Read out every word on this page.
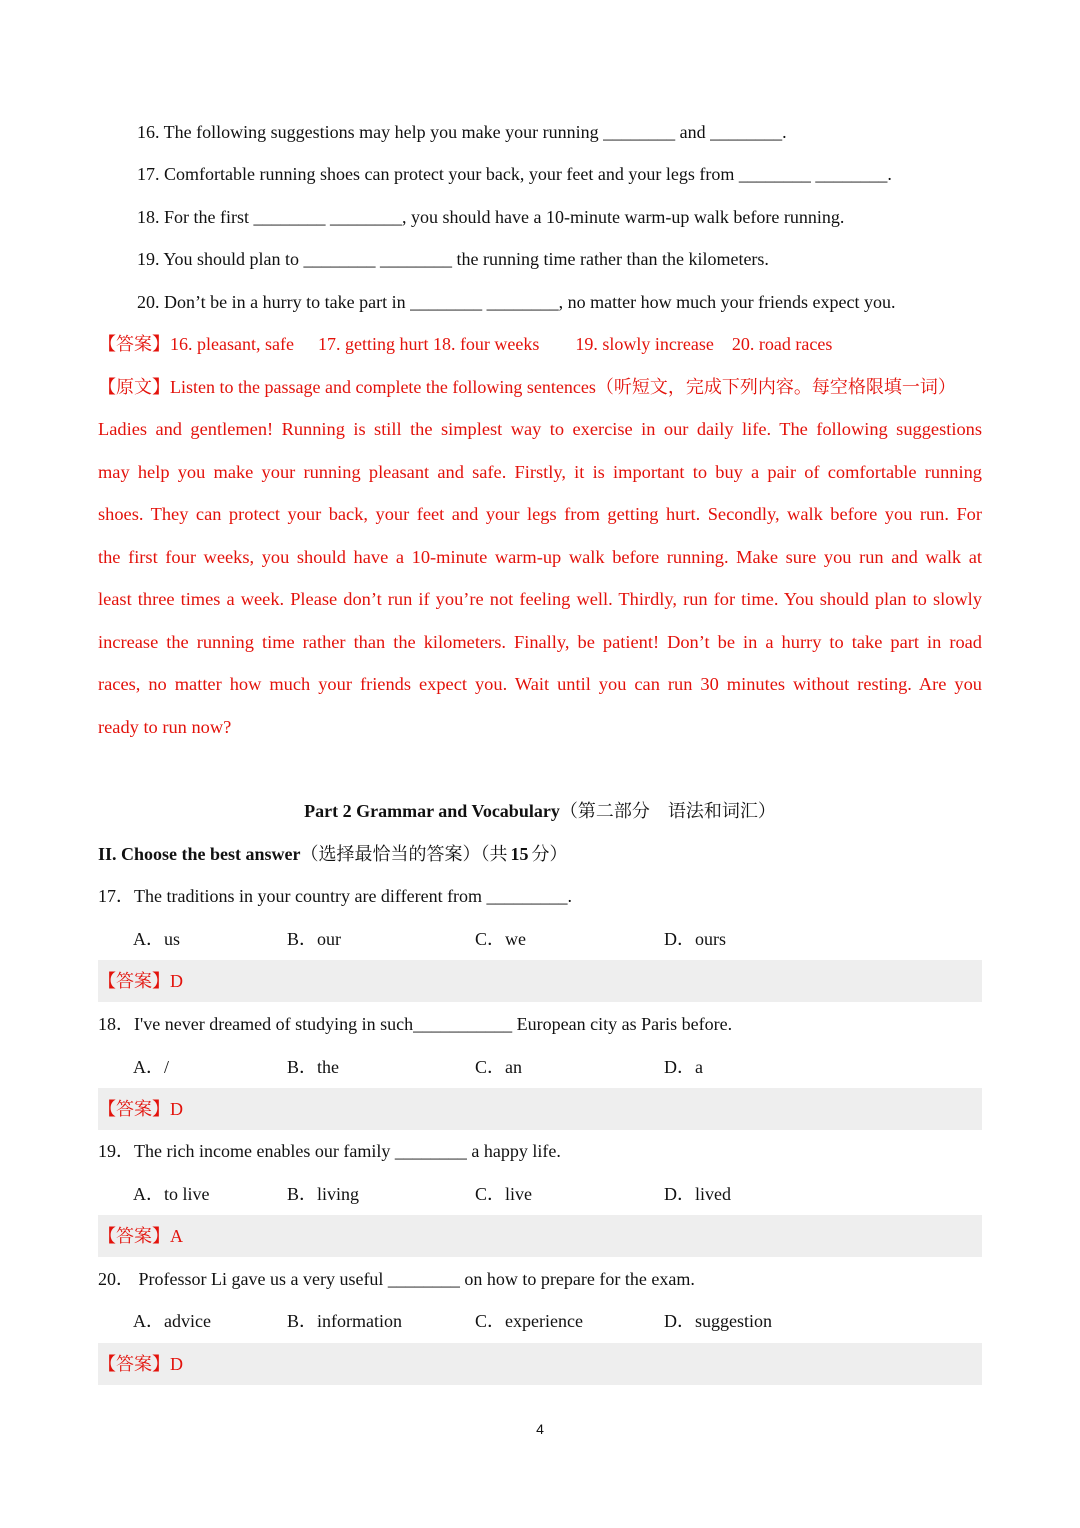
16. The following suggestions may help you make your running ________ and ________.
17. Comfortable running shoes can protect your back, your feet and your legs from ________ ________.
18. For the first ________ ________, you should have a 10-minute warm-up walk before running.
19. You should plan to ________ ________ the running time rather than the kilometers.
20. Don’t be in a hurry to take part in ________ ________, no matter how much your friends expect you.
【答案】16. pleasant, safe 17. getting hurt 18. four weeks 19. slowly increase 20. road races
【原文】Listen to the passage and complete the following sentences（听短文，完成下列内容。每空格限填一词）
Ladies and gentlemen! Running is still the simplest way to exercise in our daily life. The following suggestions
may help you make your running pleasant and safe. Firstly, it is important to buy a pair of comfortable running
shoes. They can protect your back, your feet and your legs from getting hurt. Secondly, walk before you run. For
the first four weeks, you should have a 10-minute warm-up walk before running. Make sure you run and walk at
least three times a week. Please don’t run if you’re not feeling well. Thirdly, run for time. You should plan to slowly
increase the running time rather than the kilometers. Finally, be patient! Don’t be in a hurry to take part in road
races, no matter how much your friends expect you. Wait until you can run 30 minutes without resting. Are you
ready to run now?
Part 2 Grammar and Vocabulary（第二部分　语法和词汇）
II. Choose the best answer（选择最恰当的答案）（共 15 分）
17．The traditions in your country are different from _________.
A．us	B．our	C．we	D．ours
【答案】D
18．I've never dreamed of studying in such___________ European city as Paris before.
A．/	B．the	C．an	D．a
【答案】D
19．The rich income enables our family ________ a happy life.
A．to live	B．living	C．live	D．lived
【答案】A
20． Professor Li gave us a very useful ________ on how to prepare for the exam.
A．advice	B．information	C．experience	D．suggestion
【答案】D
4
